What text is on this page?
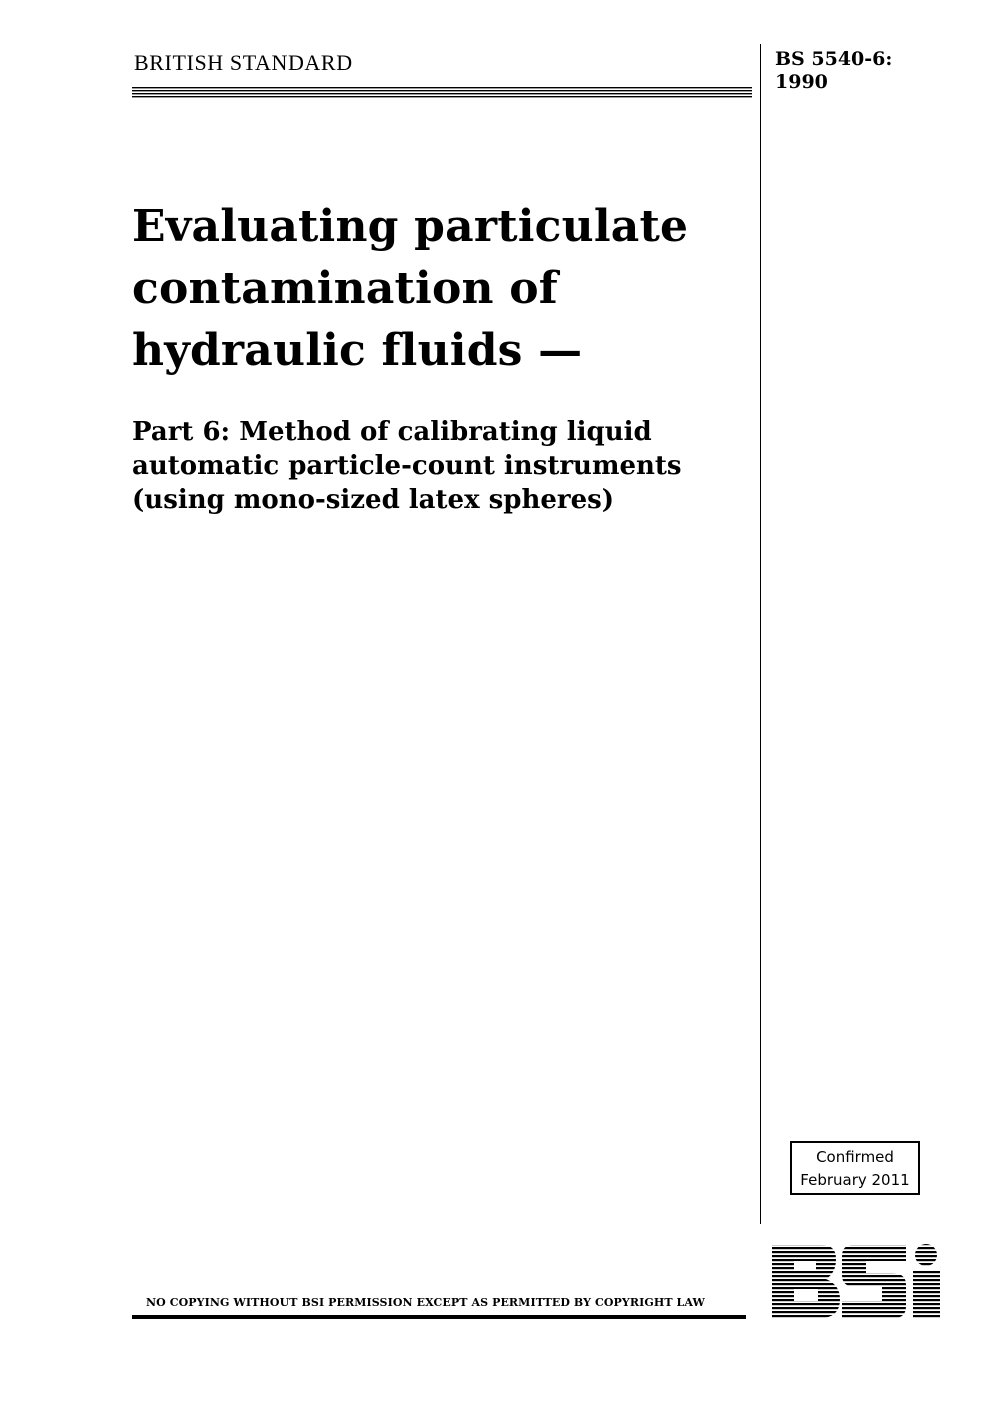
BRITISH STANDARD	BS 5540-6:
1990
Evaluating particulate
contamination of
hydraulic fluids —
Part 6: Method of calibrating liquid
automatic particle-count instruments
(using mono-sized latex spheres)
Confirmed
February 2011
NO COPYING WITHOUT BSI PERMISSION EXCEPT AS PERMITTED BY COPYRIGHT LAW
